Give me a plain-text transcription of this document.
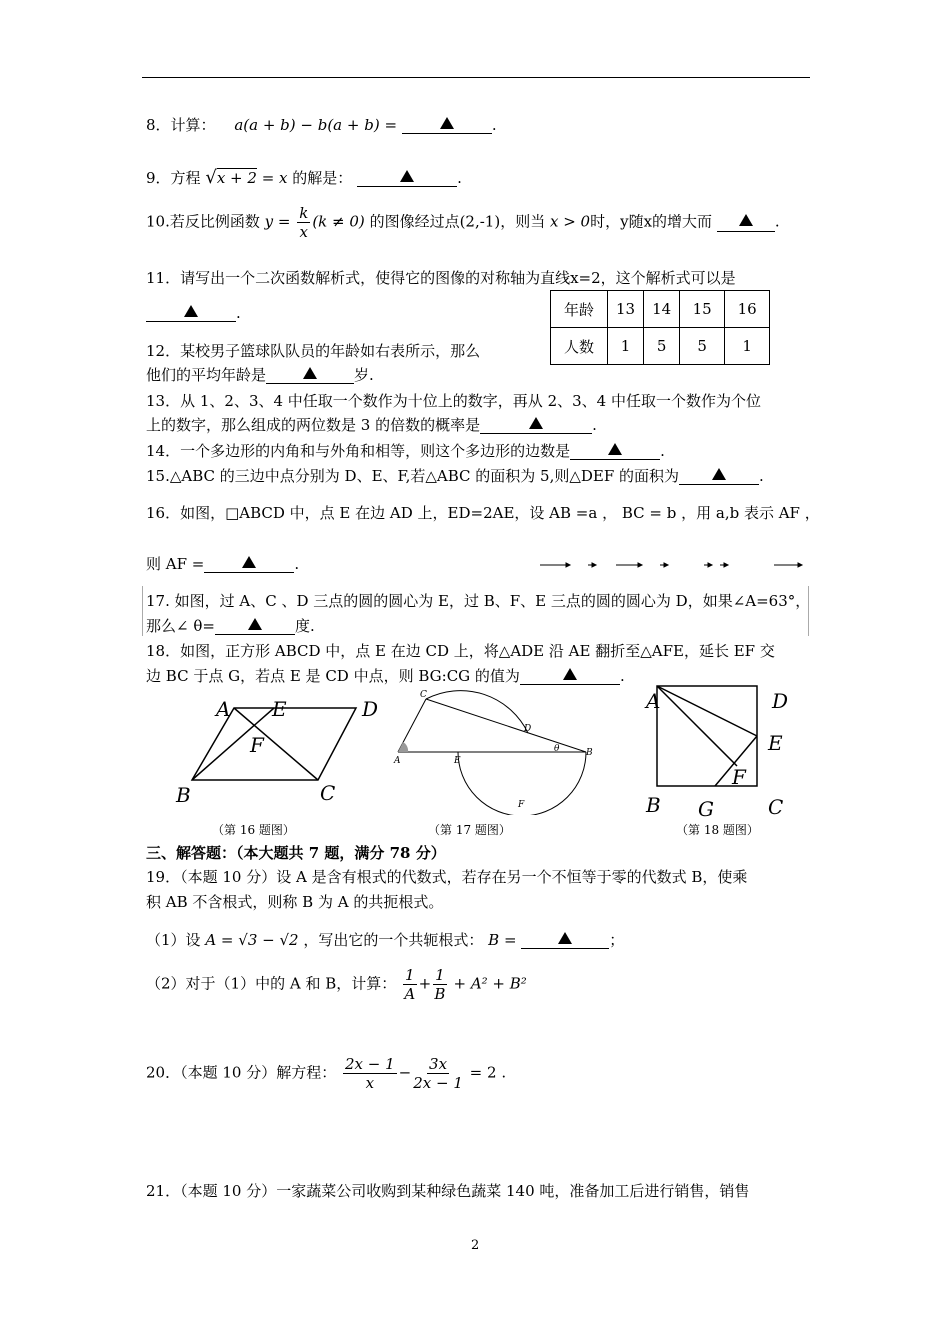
8．计算： a(a + b) − b(a + b) =	.
9．方程 √x + 2 = x 的解是：	.
10.若反比例函数 $y = \frac{k}{x} (k \ne 0)$ 的图像经过点(2,-1)，则当 x > 0时，y随x的增大而	.
11．请写出一个二次函数解析式，使得它的图像的对称轴为直线x=2，这个解析式可以是
.	年龄	13	14	15	16
人数	1	5	5	1
12．某校男子篮球队队员的年龄如右表所示，那么
他们的平均年龄是	岁.
13．从 1、2、3、4 中任取一个数作为十位上的数字，再从 2、3、4 中任取一个数作为个位
上的数字，那么组成的两位数是 3 的倍数的概率是	.
14．一个多边形的内角和与外角和相等，则这个多边形的边数是	.
15.△ABC 的三边中点分别为 D、E、F,若△ABC 的面积为 5,则△DEF 的面积为	.
16．如图，□ABCD 中，点 E 在边 AD 上，ED=2AE，设 AB =a ， BC = b ，用 a,b 表示 AF ，
则 AF =	.
17. 如图，过 A、C 、D 三点的圆的圆心为 E，过 B、F、E 三点的圆的圆心为 D，如果∠A=63°，
那么∠ θ=	度.
18．如图，正方形 ABCD 中，点 E 在边 CD 上，将△ADE 沿 AE 翻折至△AFE，延长 EF 交
边 BC 于点 G，若点 E 是 CD 中点，则 BG:CG 的值为	.
A E	D
F
B	C
（第 16 题图）
C
D
A	E
θ	B
F
（第 17 题图）
A	D
E
F
B G	C
（第 18 题图）
三、解答题：（本大题共 7 题，满分 78 分）
19．（本题 10 分）设 A 是含有根式的代数式，若存在另一个不恒等于零的代数式 B，使乘
积 AB 不含根式，则称 B 为 A 的共扼根式。
（1）设 A = √3 − √2 ，写出它的一个共轭根式： B =	；
（2）对于（1）中的 A 和 B，计算： $\frac{1}{A} + \frac{1}{B} + A^2 + B^2$
20．（本题 10 分）解方程： $\frac{2x - 1}{x} - \frac{3x}{2x - 1} = 2$ .
21．（本题 10 分）一家蔬菜公司收购到某种绿色蔬菜 140 吨，准备加工后进行销售，销售
2
